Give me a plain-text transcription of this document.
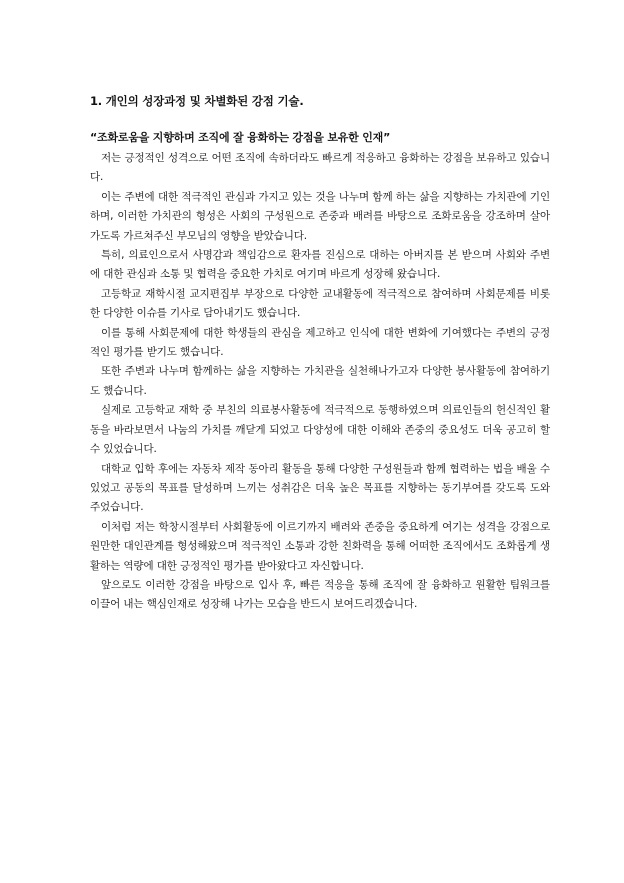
1. 개인의 성장과정 및 차별화된 강점 기술.
“조화로움을 지향하며 조직에 잘 융화하는 강점을 보유한 인재”

저는 긍정적인 성격으로 어떤 조직에 속하더라도 빠르게 적응하고 융화하는 강점을 보유하고 있습니다.

이는 주변에 대한 적극적인 관심과 가지고 있는 것을 나누며 함께 하는 삶을 지향하는 가치관에 기인하며, 이러한 가치관의 형성은 사회의 구성원으로 존중과 배려를 바탕으로 조화로움을 강조하며 살아가도록 가르쳐주신 부모님의 영향을 받았습니다.

특히, 의료인으로서 사명감과 책임감으로 환자를 진심으로 대하는 아버지를 본 받으며 사회와 주변에 대한 관심과 소통 및 협력을 중요한 가치로 여기며 바르게 성장해 왔습니다.

고등학교 재학시절 교지편집부 부장으로 다양한 교내활동에 적극적으로 참여하며 사회문제를 비롯한 다양한 이슈를 기사로 담아내기도 했습니다.

이를 통해 사회문제에 대한 학생들의 관심을 제고하고 인식에 대한 변화에 기여했다는 주변의 긍정적인 평가를 받기도 했습니다.

또한 주변과 나누며 함께하는 삶을 지향하는 가치관을 실천해나가고자 다양한 봉사활동에 참여하기도 했습니다.

실제로 고등학교 재학 중 부친의 의료봉사활동에 적극적으로 동행하였으며 의료인들의 헌신적인 활동을 바라보면서 나눔의 가치를 깨닫게 되었고 다양성에 대한 이해와 존중의 중요성도 더욱 공고히 할 수 있었습니다.

대학교 입학 후에는 자동차 제작 동아리 활동을 통해 다양한 구성원들과 함께 협력하는 법을 배울 수 있었고 공동의 목표를 달성하며 느끼는 성취감은 더욱 높은 목표를 지향하는 동기부여를 갖도록 도와주었습니다.

이처럼 저는 학창시절부터 사회활동에 이르기까지 배려와 존중을 중요하게 여기는 성격을 강점으로 원만한 대인관계를 형성해왔으며 적극적인 소통과 강한 친화력을 통해 어떠한 조직에서도 조화롭게 생활하는 역량에 대한 긍정적인 평가를 받아왔다고 자신합니다.

앞으로도 이러한 강점을 바탕으로 입사 후, 빠른 적응을 통해 조직에 잘 융화하고 원활한 팀워크를 이끌어 내는 핵심인재로 성장해 나가는 모습을 반드시 보여드리겠습니다.
